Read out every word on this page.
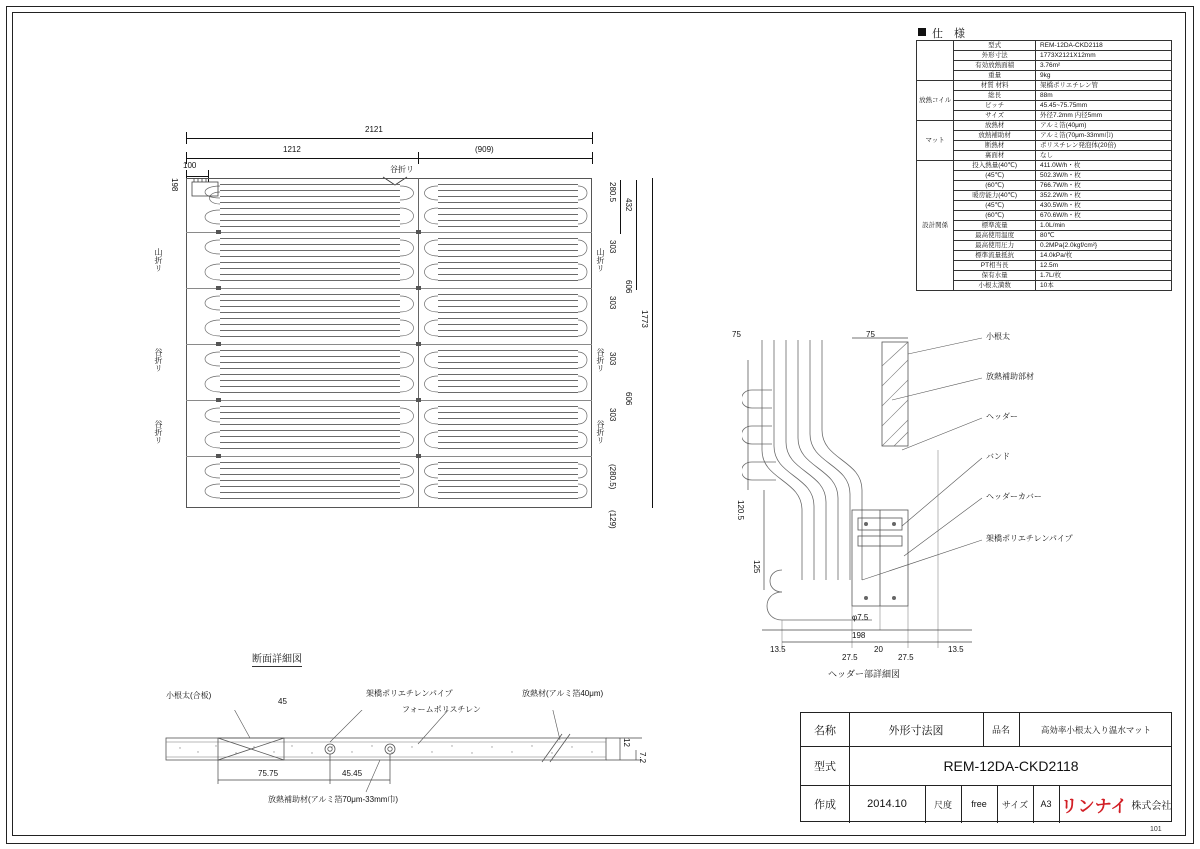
仕 様
	型式	REM-12DA-CKD2118
	外形寸法	1773X2121X12mm
	有効放熱面積	3.76m²
	重量	9kg
放熱コイル	材質 材料	架橋ポリエチレン管
	総長	88m
	ピッチ	45.45~75.75mm
	サイズ	外径7.2mm 内径5mm
マット	放熱材	アルミ箔(40μm)
	放熱補助材	アルミ箔(70μm-33mm巾)
	断熱材	ポリスチレン発泡体(20倍)
	裏面材	なし
設計関係	投入熱量(40℃)	411.0W/h・枚
	(45℃)	502.3W/h・枚
	(60℃)	766.7W/h・枚
	暖房能力(40℃)	352.2W/h・枚
	(45℃)	430.5W/h・枚
	(60℃)	670.6W/h・枚
	標準流量	1.0L/min
	最高使用温度	80℃
	最高使用圧力	0.2MPa{2.0kgf/cm²}
	標準流量抵抗	14.0kPa/枚
	PT相当長	12.5m
	保有水量	1.7L/枚
	小根太満数	10本
2121
1212	(909)
100	谷折リ
山折リ
谷折リ
谷折リ
山折リ
谷折リ
谷折リ
198	280.5
303
303
303
303
(280.5)
(129)
432
606
606
1773
75	75
120.5
125
φ7.5
198
13.5
27.5
20
27.5
13.5
小根太
放熱補助部材
ヘッダー
バンド
ヘッダーカバー
架橋ポリエチレンパイプ
ヘッダー部詳細図
断面詳細図
小根太(合板)	架橋ポリエチレンパイプ
フォームポリスチレン
放熱材(アルミ箔40μm)
放熱補助材(アルミ箔70μm-33mm巾)
45
75.75	45.45
12
7.2
名称	外形寸法図	品名	高効率小根太入り温水マット
型式	REM-12DA-CKD2118
作成	2014.10	尺度	free	サイズ	A3 リンナイ 株式会社
101
